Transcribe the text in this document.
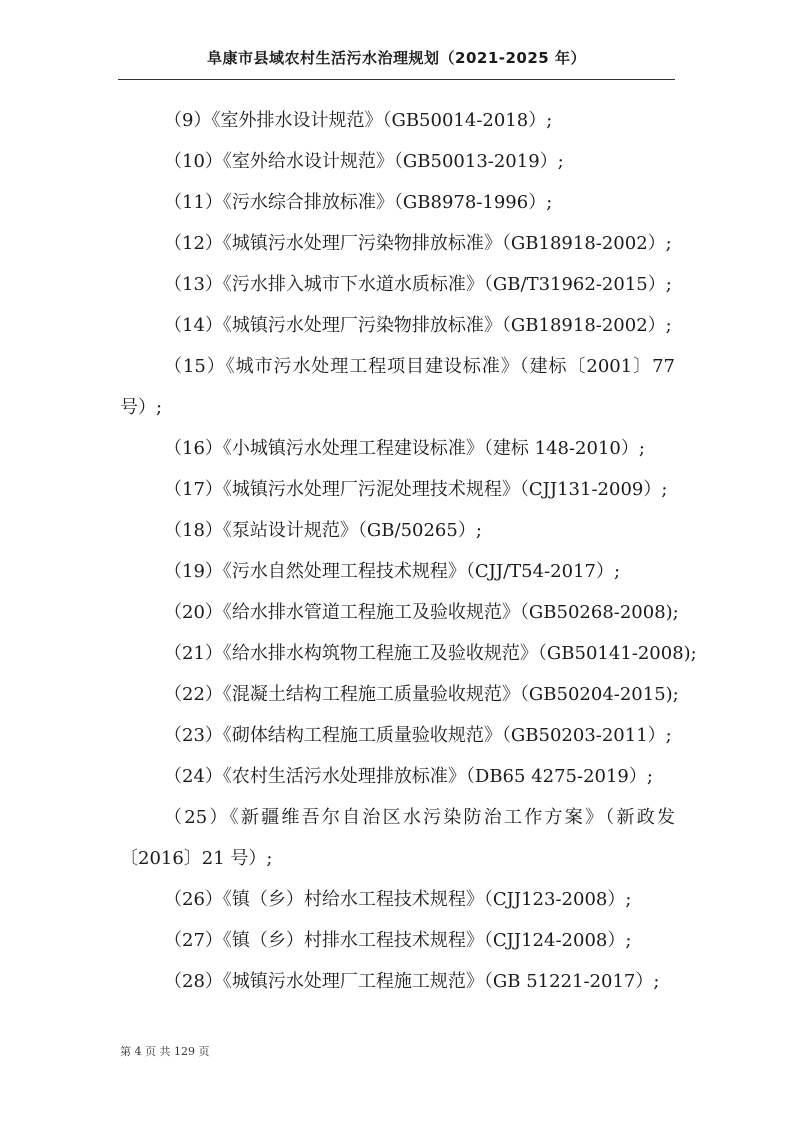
阜康市县域农村生活污水治理规划（2021-2025 年）
（9）《室外排水设计规范》（GB50014-2018）;
（10）《室外给水设计规范》（GB50013-2019）;
（11）《污水综合排放标准》（GB8978-1996）;
（12）《城镇污水处理厂污染物排放标准》（GB18918-2002）;
（13）《污水排入城市下水道水质标准》（GB/T31962-2015）;
（14）《城镇污水处理厂污染物排放标准》（GB18918-2002）;
（15）《城市污水处理工程项目建设标准》（建标〔2001〕77 号）;
（16）《小城镇污水处理工程建设标准》（建标 148-2010）;
（17）《城镇污水处理厂污泥处理技术规程》（CJJ131-2009）;
（18）《泵站设计规范》（GB/50265）;
（19）《污水自然处理工程技术规程》（CJJ/T54-2017）;
（20）《给水排水管道工程施工及验收规范》（GB50268-2008);
（21）《给水排水构筑物工程施工及验收规范》（GB50141-2008);
（22）《混凝土结构工程施工质量验收规范》（GB50204-2015);
（23）《砌体结构工程施工质量验收规范》（GB50203-2011）;
（24）《农村生活污水处理排放标准》（DB65 4275-2019）;
（25）《新疆维吾尔自治区水污染防治工作方案》（新政发〔2016〕21 号）;
（26）《镇（乡）村给水工程技术规程》（CJJ123-2008）;
（27）《镇（乡）村排水工程技术规程》（CJJ124-2008）;
（28）《城镇污水处理厂工程施工规范》（GB 51221-2017）;
第 4 页 共 129 页
